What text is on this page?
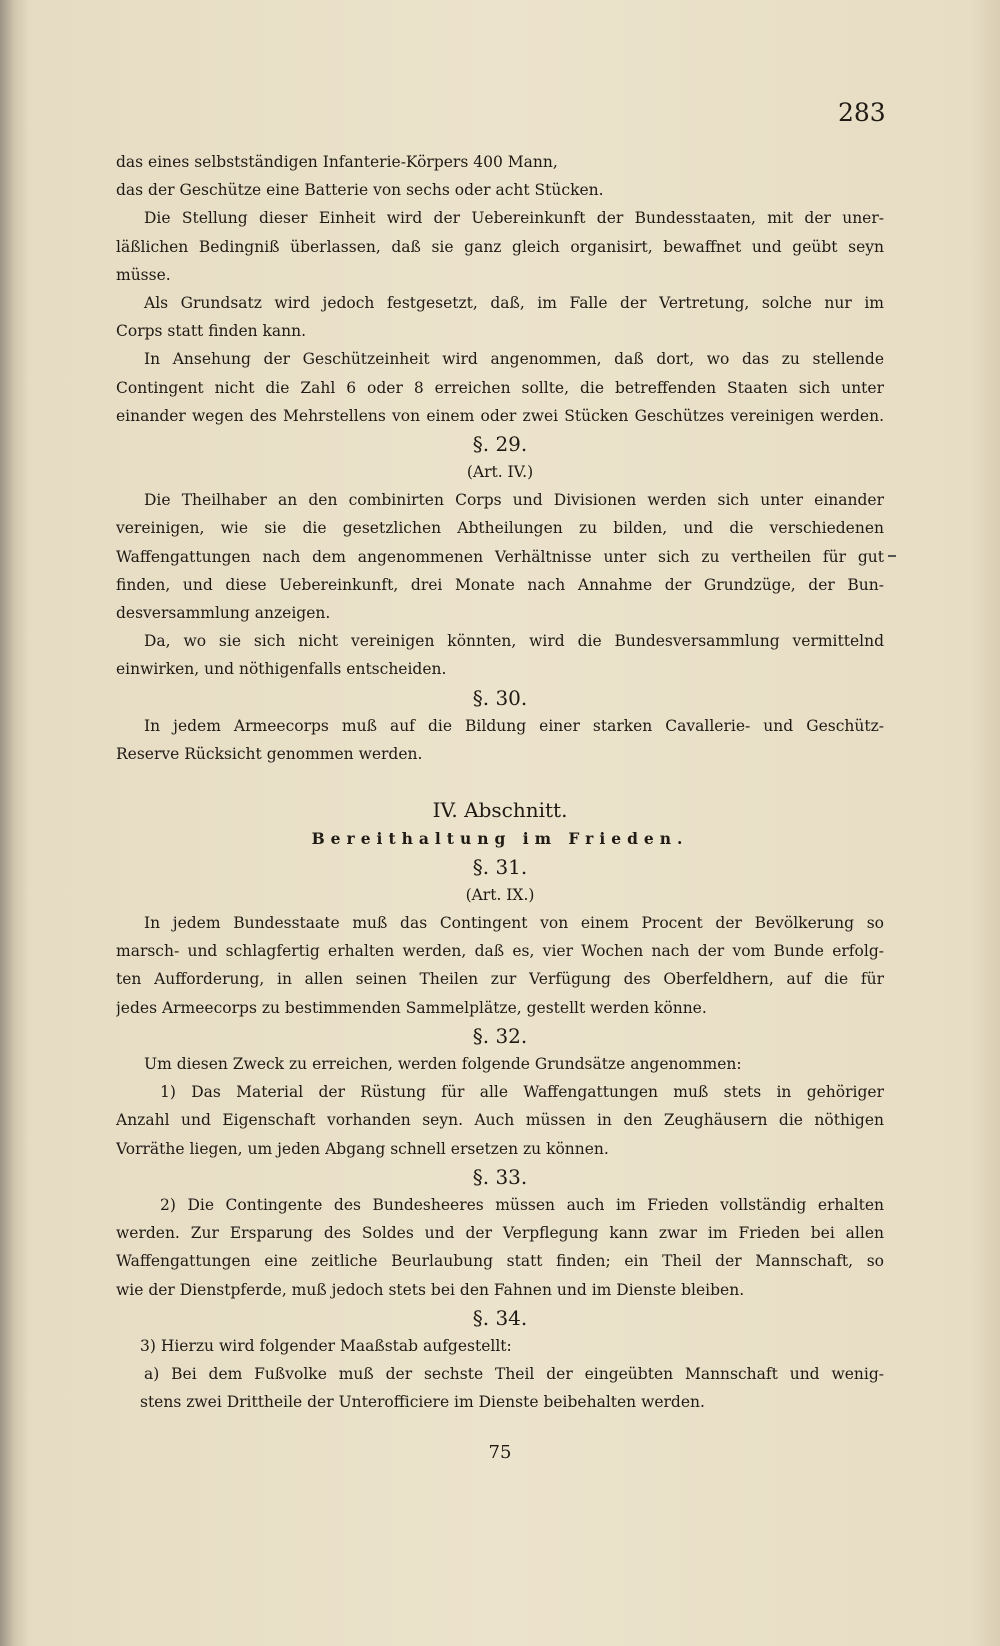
283
das eines selbstständigen Infanterie-Körpers 400 Mann,
das der Geschütze eine Batterie von sechs oder acht Stücken.
Die Stellung dieser Einheit wird der Uebereinkunft der Bundesstaaten, mit der uner-
läßlichen Bedingniß überlassen, daß sie ganz gleich organisirt, bewaffnet und geübt seyn
müsse.
Als Grundsatz wird jedoch festgesetzt, daß, im Falle der Vertretung, solche nur im
Corps statt finden kann.
In Ansehung der Geschützeinheit wird angenommen, daß dort, wo das zu stellende
Contingent nicht die Zahl 6 oder 8 erreichen sollte, die betreffenden Staaten sich unter
einander wegen des Mehrstellens von einem oder zwei Stücken Geschützes vereinigen werden.
§. 29.
(Art. IV.)
Die Theilhaber an den combinirten Corps und Divisionen werden sich unter einander
vereinigen, wie sie die gesetzlichen Abtheilungen zu bilden, und die verschiedenen
Waffengattungen nach dem angenommenen Verhältnisse unter sich zu vertheilen für gut
finden, und diese Uebereinkunft, drei Monate nach Annahme der Grundzüge, der Bun-
desversammlung anzeigen.
Da, wo sie sich nicht vereinigen könnten, wird die Bundesversammlung vermittelnd
einwirken, und nöthigenfalls entscheiden.
§. 30.
In jedem Armeecorps muß auf die Bildung einer starken Cavallerie- und Geschütz-
Reserve Rücksicht genommen werden.
IV. Abschnitt.
Bereithaltung im Frieden.
§. 31.
(Art. IX.)
In jedem Bundesstaate muß das Contingent von einem Procent der Bevölkerung so
marsch- und schlagfertig erhalten werden, daß es, vier Wochen nach der vom Bunde erfolg-
ten Aufforderung, in allen seinen Theilen zur Verfügung des Oberfeldhern, auf die für
jedes Armeecorps zu bestimmenden Sammelplätze, gestellt werden könne.
§. 32.
Um diesen Zweck zu erreichen, werden folgende Grundsätze angenommen:
1) Das Material der Rüstung für alle Waffengattungen muß stets in gehöriger
Anzahl und Eigenschaft vorhanden seyn. Auch müssen in den Zeughäusern die nöthigen
Vorräthe liegen, um jeden Abgang schnell ersetzen zu können.
§. 33.
2) Die Contingente des Bundesheeres müssen auch im Frieden vollständig erhalten
werden. Zur Ersparung des Soldes und der Verpflegung kann zwar im Frieden bei allen
Waffengattungen eine zeitliche Beurlaubung statt finden; ein Theil der Mannschaft, so
wie der Dienstpferde, muß jedoch stets bei den Fahnen und im Dienste bleiben.
§. 34.
3) Hierzu wird folgender Maaßstab aufgestellt:
a) Bei dem Fußvolke muß der sechste Theil der eingeübten Mannschaft und wenig-
stens zwei Drittheile der Unterofficiere im Dienste beibehalten werden.
75
